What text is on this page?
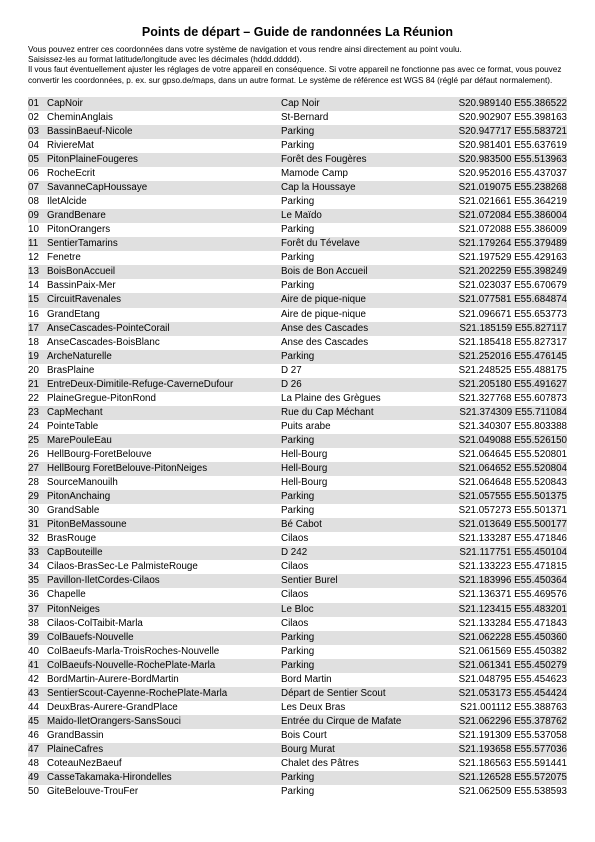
Points de départ – Guide de randonnées La Réunion

Vous pouvez entrer ces coordonnées dans votre système de navigation et vous rendre ainsi directement au point voulu.

Saisissez-les au format latitude/longitude avec les décimales (hddd.ddddd).

Il vous faut éventuellement ajuster les réglages de votre appareil en conséquence. Si votre appareil ne fonctionne pas avec ce format, vous pouvez convertir les coordonnées, p. ex. sur gpso.de/maps, dans un autre format. Le système de référence est WGS 84 (réglé par défaut normalement).

01 CapNoir	Cap Noir	S20.989140 E55.386522
02 CheminAnglais	St-Bernard	S20.902907 E55.398163
03 BassinBaeuf-Nicole	Parking	S20.947717 E55.583721
04 RiviereMat	Parking	S20.981401 E55.637619
05 PitonPlaineFougeres	Forêt des Fougères	S20.983500 E55.513963
06 RocheEcrit	Mamode Camp	S20.952016 E55.437037
07 SavanneCapHoussaye	Cap la Houssaye	S21.019075 E55.238268
08 IletAlcide	Parking	S21.021661 E55.364219
09 GrandBenare	Le Maïdo	S21.072084 E55.386004
10 PitonOrangers	Parking	S21.072088 E55.386009
11 SentierTamarins	Forêt du Tévelave	S21.179264 E55.379489
12 Fenetre	Parking	S21.197529 E55.429163
13 BoisBonAccueil	Bois de Bon Accueil	S21.202259 E55.398249
14 BassinPaix-Mer	Parking	S21.023037 E55.670679
15 CircuitRavenales	Aire de pique-nique	S21.077581 E55.684874
16 GrandEtang	Aire de pique-nique	S21.096671 E55.653773
17 AnseCascades-PointeCorail	Anse des Cascades	S21.185159 E55.827117
18 AnseCascades-BoisBlanc	Anse des Cascades	S21.185418 E55.827317
19 ArcheNaturelle	Parking	S21.252016 E55.476145
20 BrasPlaine	D 27	S21.248525 E55.488175
21 EntreDeux-Dimitile-Refuge-CaverneDufour	D 26	S21.205180 E55.491627
22 PlaineGregue-PitonRond	La Plaine des Grègues	S21.327768 E55.607873
23 CapMechant	Rue du Cap Méchant	S21.374309 E55.711084
24 PointeTable	Puits arabe	S21.340307 E55.803388
25 MarePouleEau	Parking	S21.049088 E55.526150
26 HellBourg-ForetBelouve	Hell-Bourg	S21.064645 E55.520801
27 HellBourg ForetBelouve-PitonNeiges	Hell-Bourg	S21.064652 E55.520804
28 SourceManouilh	Hell-Bourg	S21.064648 E55.520843
29 PitonAnchaing	Parking	S21.057555 E55.501375
30 GrandSable	Parking	S21.057273 E55.501371
31 PitonBeMassoune	Bé Cabot	S21.013649 E55.500177
32 BrasRouge	Cilaos	S21.133287 E55.471846
33 CapBouteille	D 242	S21.117751 E55.450104
34 Cilaos-BrasSec-Le PalmisteRouge	Cilaos	S21.133223 E55.471815
35 Pavillon-IletCordes-Cilaos	Sentier Burel	S21.183996 E55.450364
36 Chapelle	Cilaos	S21.136371 E55.469576
37 PitonNeiges	Le Bloc	S21.123415 E55.483201
38 Cilaos-ColTaibit-Marla	Cilaos	S21.133284 E55.471843
39 ColBauefs-Nouvelle	Parking	S21.062228 E55.450360
40 ColBaeufs-Marla-TroisRoches-Nouvelle	Parking	S21.061569 E55.450382
41 ColBaeufs-Nouvelle-RochePlate-Marla	Parking	S21.061341 E55.450279
42 BordMartin-Aurere-BordMartin	Bord Martin	S21.048795 E55.454623
43 SentierScout-Cayenne-RochePlate-Marla	Départ de Sentier Scout	S21.053173 E55.454424
44 DeuxBras-Aurere-GrandPlace	Les Deux Bras	S21.001112 E55.388763
45 Maido-IletOrangers-SansSouci	Entrée du Cirque de Mafate	S21.062296 E55.378762
46 GrandBassin	Bois Court	S21.191309 E55.537058
47 PlaineCafres	Bourg Murat	S21.193658 E55.577036
48 CoteauNezBaeuf	Chalet des Pâtres	S21.186563 E55.591441
49 CasseTakamaka-Hirondelles	Parking	S21.126528 E55.572075
50 GiteBelouve-TrouFer	Parking	S21.062509 E55.538593
